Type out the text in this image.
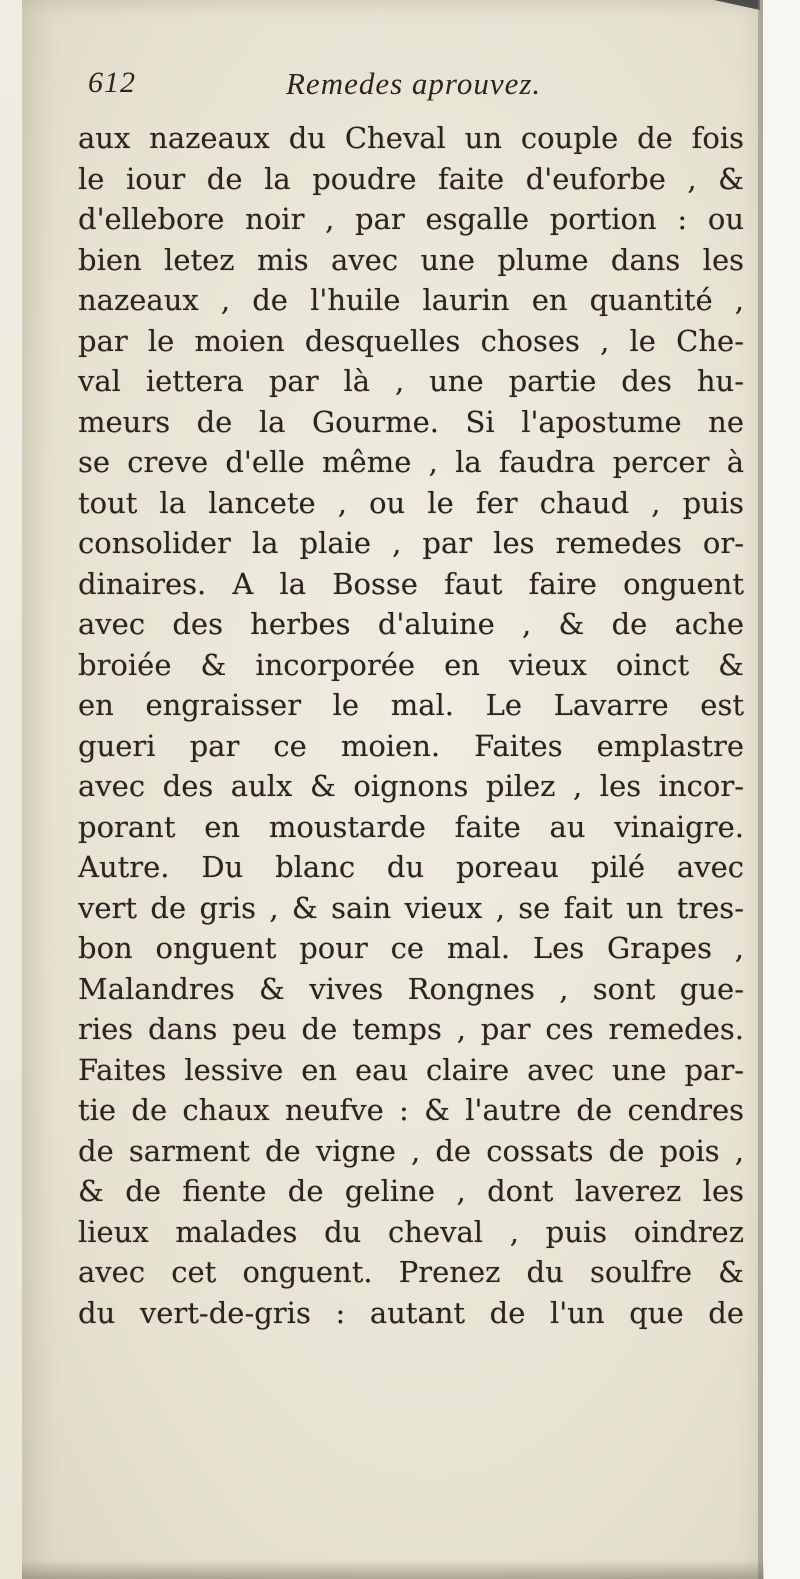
612	Remedes aprouvez.
aux nazeaux du Cheval un couple de fois
le iour de la poudre faite d'euforbe , &
d'ellebore noir , par esgalle portion : ou
bien letez mis avec une plume dans les
nazeaux , de l'huile laurin en quantité ,
par le moien desquelles choses , le Che-
val iettera par là , une partie des hu-
meurs de la Gourme. Si l'apostume ne
se creve d'elle même , la faudra percer à
tout la lancete , ou le fer chaud , puis
consolider la plaie , par les remedes or-
dinaires. A la Bosse faut faire onguent
avec des herbes d'aluine , & de ache
broiée & incorporée en vieux oinct &
en engraisser le mal. Le Lavarre est
gueri par ce moien. Faites emplastre
avec des aulx & oignons pilez , les incor-
porant en moustarde faite au vinaigre.
Autre. Du blanc du poreau pilé avec
vert de gris , & sain vieux , se fait un tres-
bon onguent pour ce mal. Les Grapes ,
Malandres & vives Rongnes , sont gue-
ries dans peu de temps , par ces remedes.
Faites lessive en eau claire avec une par-
tie de chaux neufve : & l'autre de cendres
de sarment de vigne , de cossats de pois ,
& de fiente de geline , dont laverez les
lieux malades du cheval , puis oindrez
avec cet onguent. Prenez du soulfre &
du vert-de-gris : autant de l'un que de
